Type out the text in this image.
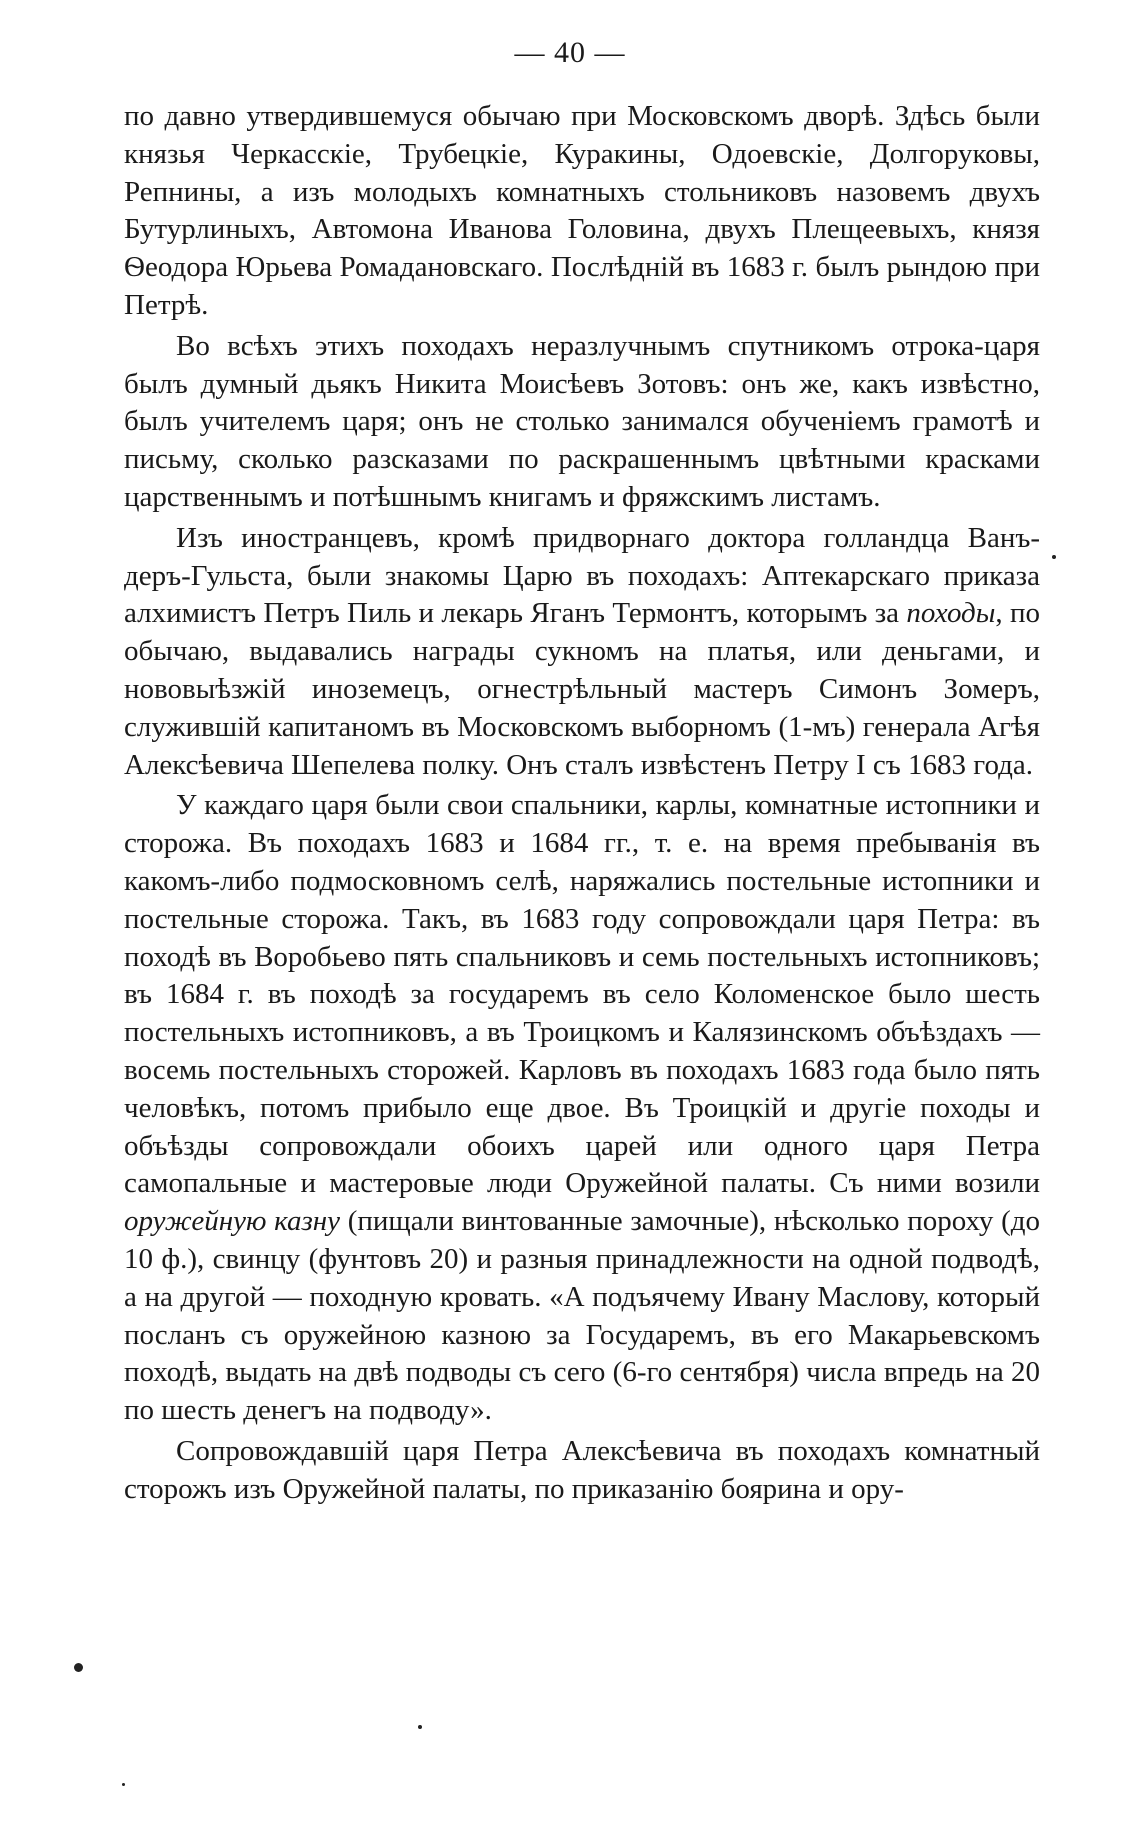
— 40 —

по давно утвердившемуся обычаю при Московскомъ дворѣ. Здѣсь были князья Черкасскіе, Трубецкіе, Куракины, Одоевскіе, Долгоруковы, Репнины, а изъ молодыхъ комнатныхъ стольниковъ назовемъ двухъ Бутурлиныхъ, Автомона Иванова Головина, двухъ Плещеевыхъ, князя Ѳеодора Юрьева Ромадановскаго. Послѣдній въ 1683 г. былъ рындою при Петрѣ.

Во всѣхъ этихъ походахъ неразлучнымъ спутникомъ отрока-царя былъ думный дьякъ Никита Моисѣевъ Зотовъ: онъ же, какъ извѣстно, былъ учителемъ царя; онъ не столько занимался обученіемъ грамотѣ и письму, сколько разсказами по раскрашеннымъ цвѣтными красками царственнымъ и потѣшнымъ книгамъ и фряжскимъ листамъ.

Изъ иностранцевъ, кромѣ придворнаго доктора голландца Ванъ-деръ-Гульста, были знакомы Царю въ походахъ: Аптекарскаго приказа алхимистъ Петръ Пиль и лекарь Яганъ Термонтъ, которымъ за походы, по обычаю, выдавались награды сукномъ на платья, или деньгами, и нововыѣзжій иноземецъ, огнестрѣльный мастеръ Симонъ Зомеръ, служившій капитаномъ въ Московскомъ выборномъ (1-мъ) генерала Агѣя Алексѣевича Шепелева полку. Онъ сталъ извѣстенъ Петру I съ 1683 года.

У каждаго царя были свои спальники, карлы, комнатные истопники и сторожа. Въ походахъ 1683 и 1684 гг., т. е. на время пребыванія въ какомъ-либо подмосковномъ селѣ, наряжались постельные истопники и постельные сторожа. Такъ, въ 1683 году сопровождали царя Петра: въ походѣ въ Воробьево пять спальниковъ и семь постельныхъ истопниковъ; въ 1684 г. въ походѣ за государемъ въ село Коломенское было шесть постельныхъ истопниковъ, а въ Троицкомъ и Калязинскомъ объѣздахъ — восемь постельныхъ сторожей. Карловъ въ походахъ 1683 года было пять человѣкъ, потомъ прибыло еще двое. Въ Троицкій и другіе походы и объѣзды сопровождали обоихъ царей или одного царя Петра самопальные и мастеровые люди Оружейной палаты. Съ ними возили оружейную казну (пищали винтованные замочные), нѣсколько пороху (до 10 ф.), свинцу (фунтовъ 20) и разныя принадлежности на одной подводѣ, а на другой — походную кровать. «А подъячему Ивану Маслову, который посланъ съ оружейною казною за Государемъ, въ его Макарьевскомъ походѣ, выдать на двѣ подводы съ сего (6-го сентября) числа впредь на 20 по шесть денегъ на подводу».

Сопровождавшій царя Петра Алексѣевича въ походахъ комнатный сторожъ изъ Оружейной палаты, по приказанію боярина и ору-
